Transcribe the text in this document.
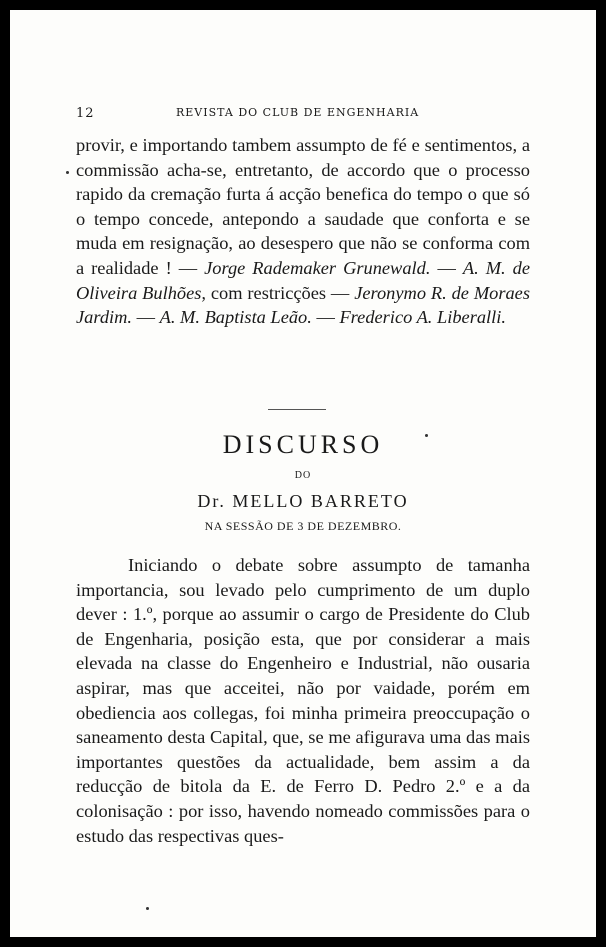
12	REVISTA DO CLUB DE ENGENHARIA
provir, e importando tambem assumpto de fé e sentimentos, a commissão acha-se, entretanto, de accordo que o processo rapido da cremação furta á acção benefica do tempo o que só o tempo concede, antepondo a saudade que conforta e se muda em resignação, ao desespero que não se conforma com a realidade ! — Jorge Rademaker Grunewald. — A. M. de Oliveira Bulhões, com restricções — Jeronymo R. de Moraes Jardim. — A. M. Baptista Leão. — Frederico A. Liberalli.
DISCURSO
DO
Dr. MELLO BARRETO
NA SESSÃO DE 3 DE DEZEMBRO.
Iniciando o debate sobre assumpto de tamanha importancia, sou levado pelo cumprimento de um duplo dever : 1.º, porque ao assumir o cargo de Presidente do Club de Engenharia, posição esta, que por considerar a mais elevada na classe do Engenheiro e Industrial, não ousaria aspirar, mas que acceitei, não por vaidade, porém em obediencia aos collegas, foi minha primeira preoccupação o saneamento desta Capital, que, se me afigurava uma das mais importantes questões da actualidade, bem assim a da reducção de bitola da E. de Ferro D. Pedro 2.º e a da colonisação : por isso, havendo nomeado commissões para o estudo das respectivas ques-
